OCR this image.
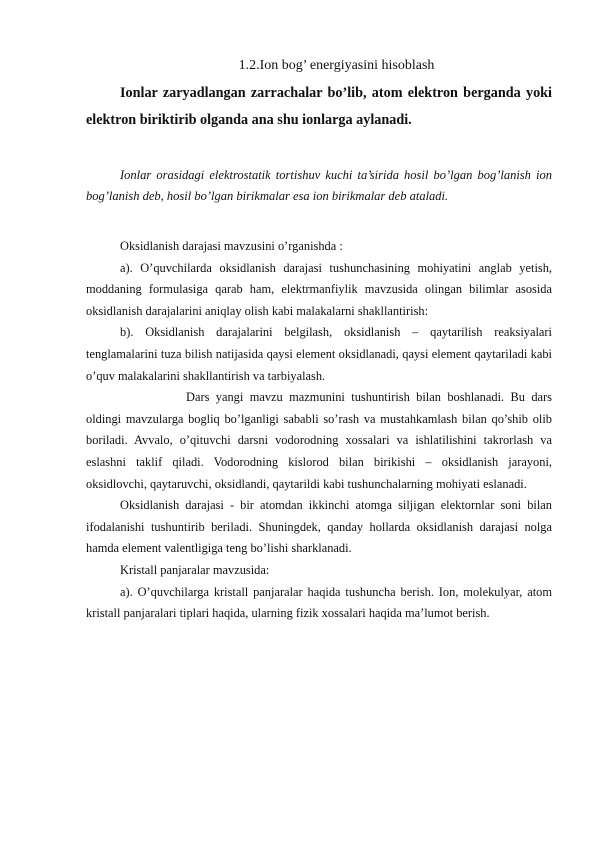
1.2.Ion bog’ energiyasini hisoblash
Ionlar zaryadlangan zarrachalar bo’lib, atom elektron berganda yoki elektron biriktirib olganda ana shu ionlarga aylanadi.
Ionlar orasidagi elektrostatik tortishuv kuchi ta’sirida hosil bo’lgan bog’lanish ion bog’lanish deb, hosil bo’lgan birikmalar esa ion birikmalar deb ataladi.

Oksidlanish darajasi mavzusini o’rganishda :

a). O’quvchilarda oksidlanish darajasi tushunchasining mohiyatini anglab yetish, moddaning formulasiga qarab ham, elektrmanfiylik mavzusida olingan bilimlar asosida oksidlanish darajalarini aniqlay olish kabi malakalarni shakllantirish:

b). Oksidlanish darajalarini belgilash, oksidlanish – qaytarilish reaksiyalari tenglamalarini tuza bilish natijasida qaysi element oksidlanadi, qaysi element qaytariladi kabi o’quv malakalarini shakllantirish va tarbiyalash.

Dars yangi mavzu mazmunini tushuntirish bilan boshlanadi. Bu dars oldingi mavzularga bogliq bo’lganligi sababli so’rash va mustahkamlash bilan qo’shib olib boriladi. Avvalo, o’qituvchi darsni vodorodning xossalari va ishlatilishini takrorlash va eslashni taklif qiladi. Vodorodning kislorod bilan birikishi – oksidlanish jarayoni, oksidlovchi, qaytaruvchi, oksidlandi, qaytarildi kabi tushunchalarning mohiyati eslanadi.

Oksidlanish darajasi - bir atomdan ikkinchi atomga siljigan elektornlar soni bilan ifodalanishi tushuntirib beriladi. Shuningdek, qanday hollarda oksidlanish darajasi nolga hamda element valentligiga teng bo’lishi sharklanadi.

Kristall panjaralar mavzusida:

a). O’quvchilarga kristall panjaralar haqida tushuncha berish. Ion, molekulyar, atom kristall panjaralari tiplari haqida, ularning fizik xossalari haqida ma’lumot berish.
